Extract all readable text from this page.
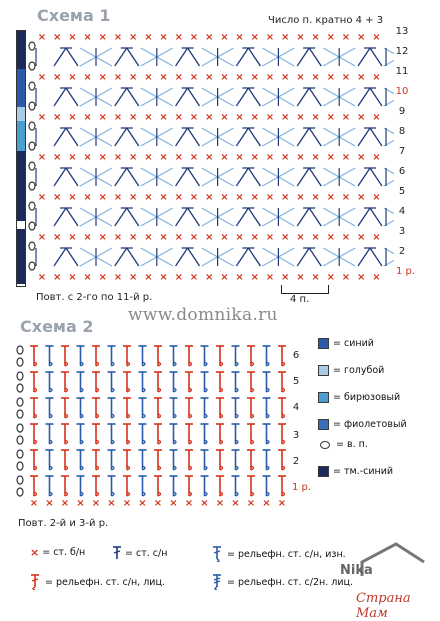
Схема 1	Число п. кратно 4 + 3
× × × × × × × × × × × × × × × × × × × × × × ×
× × × × × × × × × × × × × × × × × × × × × × ×
× × × × × × × × × × × × × × × × × × × × × × ×
× × × × × × × × × × × × × × × × × × × × × × ×
× × × × × × × × × × × × × × × × × × × × × × ×
× × × × × × × × × × × × × × × × × × × × × × ×
× × × × × × × × × × × × × × × × × × × × × × ×
13
12
11
10
9
8
7
6
5
4
3
2
1 р.
Повт. с 2-го по 11-й р.	4 п.
www.domnika.ru
Схема 2
× × × × × × × × × × × × × × × × ×
6
5
4
3
2
1 р.
Повт. 2-й и 3-й р.
= синий
= голубой
= бирюзовый
= фиолетовый
= в. п.
= тм.-синий
× = ст. б/н	= ст. с/н	= рельефн. ст. с/н, изн.
= рельефн. ст. с/н, лиц.	= рельефн. ст. с/2н. лиц.
Nika
Страна Мам
